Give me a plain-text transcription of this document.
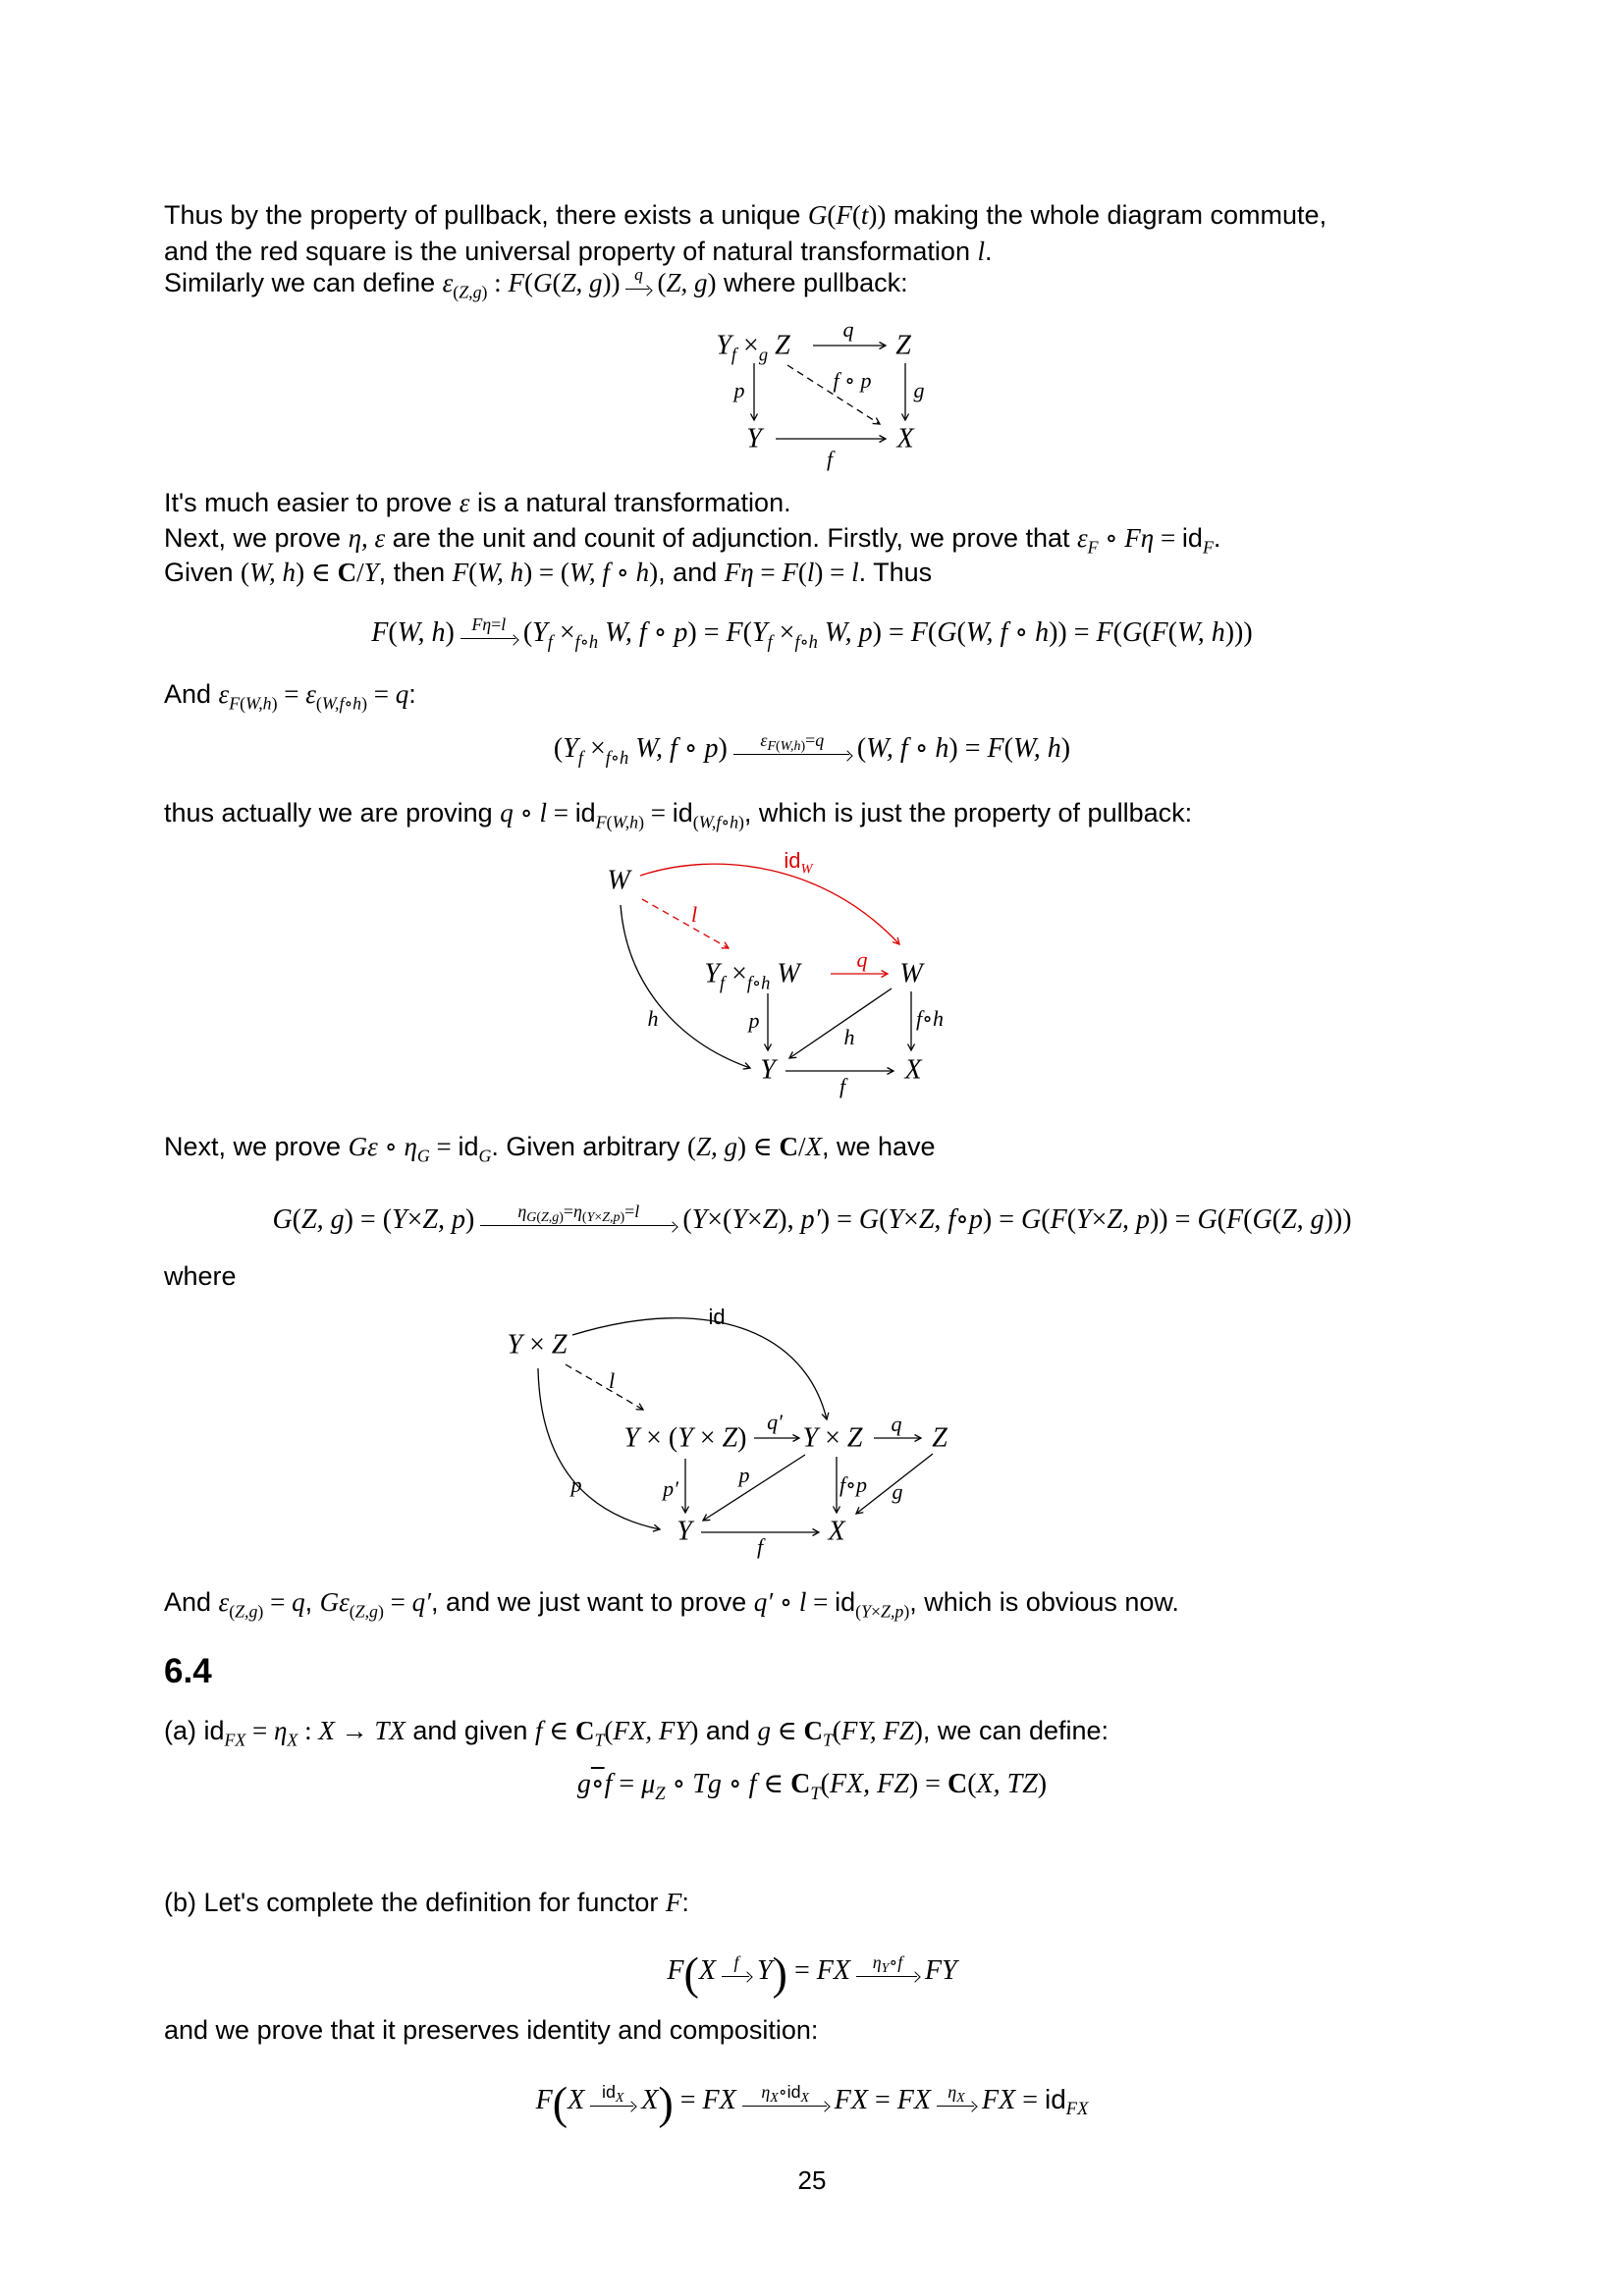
Thus by the property of pullback, there exists a unique G(F(t)) making the whole diagram commute,
and the red square is the universal property of natural transformation l.
Similarly we can define $\varepsilon_{(Z,g)}$ : F(G(Z, g)) q (Z, g) where pullback:
$Y_f \times_g$ Z	Z
Y	X
q
p	g
f
f ∘ p
It's much easier to prove ε is a natural transformation.
Next, we prove η, ε are the unit and counit of adjunction. Firstly, we prove that $\varepsilon_F$ ∘ $F\eta = id_F$.
Given (W, h) ∈ C/Y, then F(W, h) = (W, f ∘ h), and Fη = F(l) = l. Thus
F(W, h) Fη=l ($Y_f \times_{f\circ h}$ W, f ∘ $p) = F(Y_f \times_{f\circ h}$ W, p) = F(G(W, f ∘ h)) = F(G(F(W, h)))
And $\varepsilon_{F(W,h)} = \varepsilon_{(W,f\circ h)} = q$:
($Y_f \times_{f\circ h}$ W, f ∘ p) $\varepsilon_{F(W,h)}=q$ (W, f ∘ h) = F(W, h)
thus actually we are proving q ∘ $l = id_{F(W,h)} = id_{(W,f\circ h)}$, which is just the property of pullback:
W
$id_W$
l
$Y_f \times_{f\circ h}$ W	q W
p
h
h
f∘h
Y	X
f
Next, we prove Gε ∘ $\eta_G = id_G$. Given arbitrary (Z, g) ∈ C/X, we have
G(Z, g) = (Y×Z, p) $\eta_{G(Z,g)}=\eta_{(Y\times Z,p)}=l$ (Y×(Y×Z), p′) = G(Y×Z, f∘p) = G(F(Y×Z, p)) = G(F(G(Z, g)))
where
Y × Z
id
l
p
Y × (Y × Z)
q′
Y × Z q Z
p′
p	f∘p g
Y	X
f
And $\varepsilon_{(Z,g)} = q$, $G\varepsilon_{(Z,g)} = q'$, and we just want to prove q′ ∘ $l = id_{(Y\times Z,p)}$, which is obvious now.
6.4
(a) $id_{FX} = \eta_X$ : X → TX and given f ∈ $C_T(FX$, FY) and g ∈ $C_T(FY$, FZ), we can define:
g∘f = $\mu_Z$ ∘ Tg ∘ f ∈ $C_T(FX$, FZ) = C(X, TZ)
(b) Let's complete the definition for functor F:
F(X f Y) = FX $\eta_Y\circ f$ FY
and we prove that it preserves identity and composition:
F(X $id_X$ X) = FX $\eta_X\circ id_X$ FX = FX $\eta_X$ FX = $id_{FX}$
25
